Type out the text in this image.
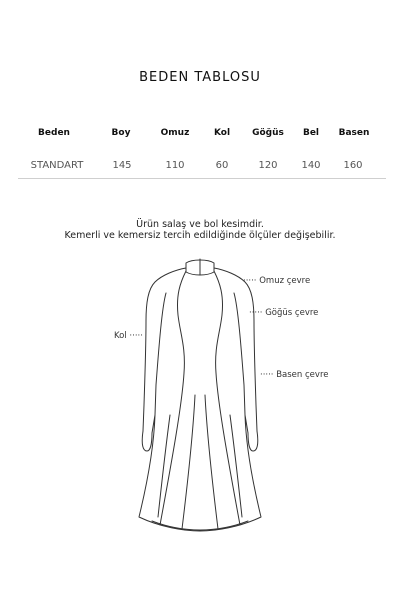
BEDEN TABLOSU
Beden	Boy	Omuz	Kol Göğüs Bel Basen
STANDART	145	110	60	120 140 160
Ürün salaş ve bol kesimdir.
Kemerli ve kemersiz tercih edildiğinde ölçüler değişebilir.
····· Omuz çevre
····· Göğüs çevre
Kol ·····
····· Basen çevre
